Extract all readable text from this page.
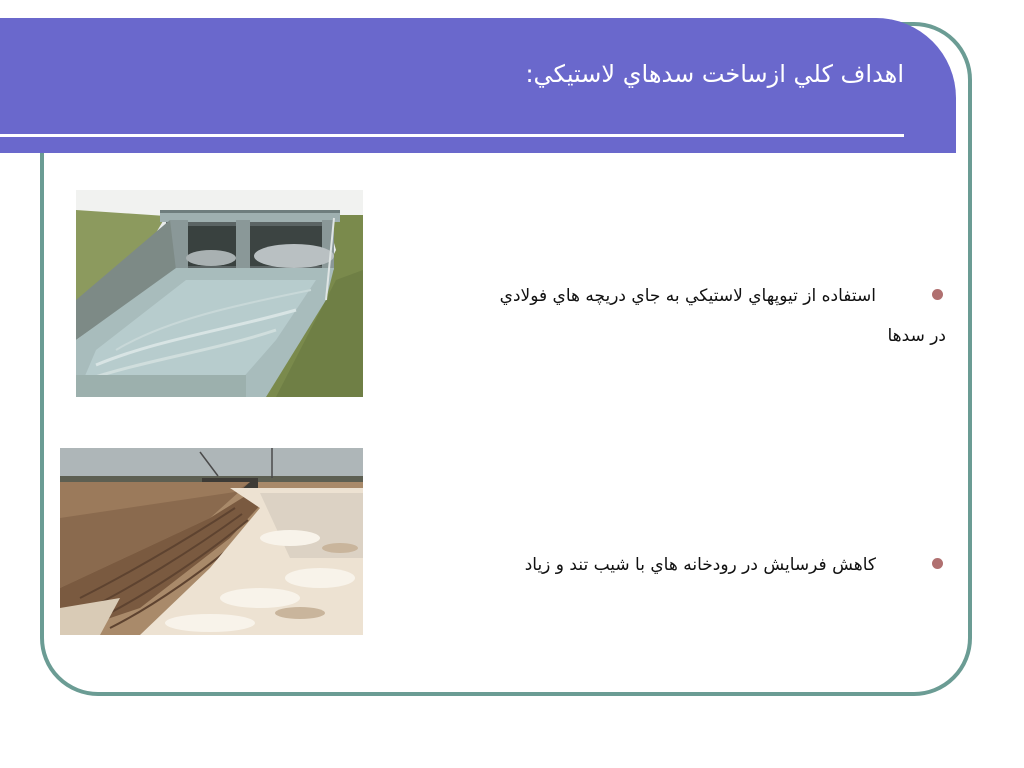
اهداف كلي ازساخت سدهاي لاستيكي:
استفاده از تيوپهاي لاستيكي به جاي دريچه هاي فولادي
در سدها
كاهش فرسايش در رودخانه هاي با شيب تند و زياد
